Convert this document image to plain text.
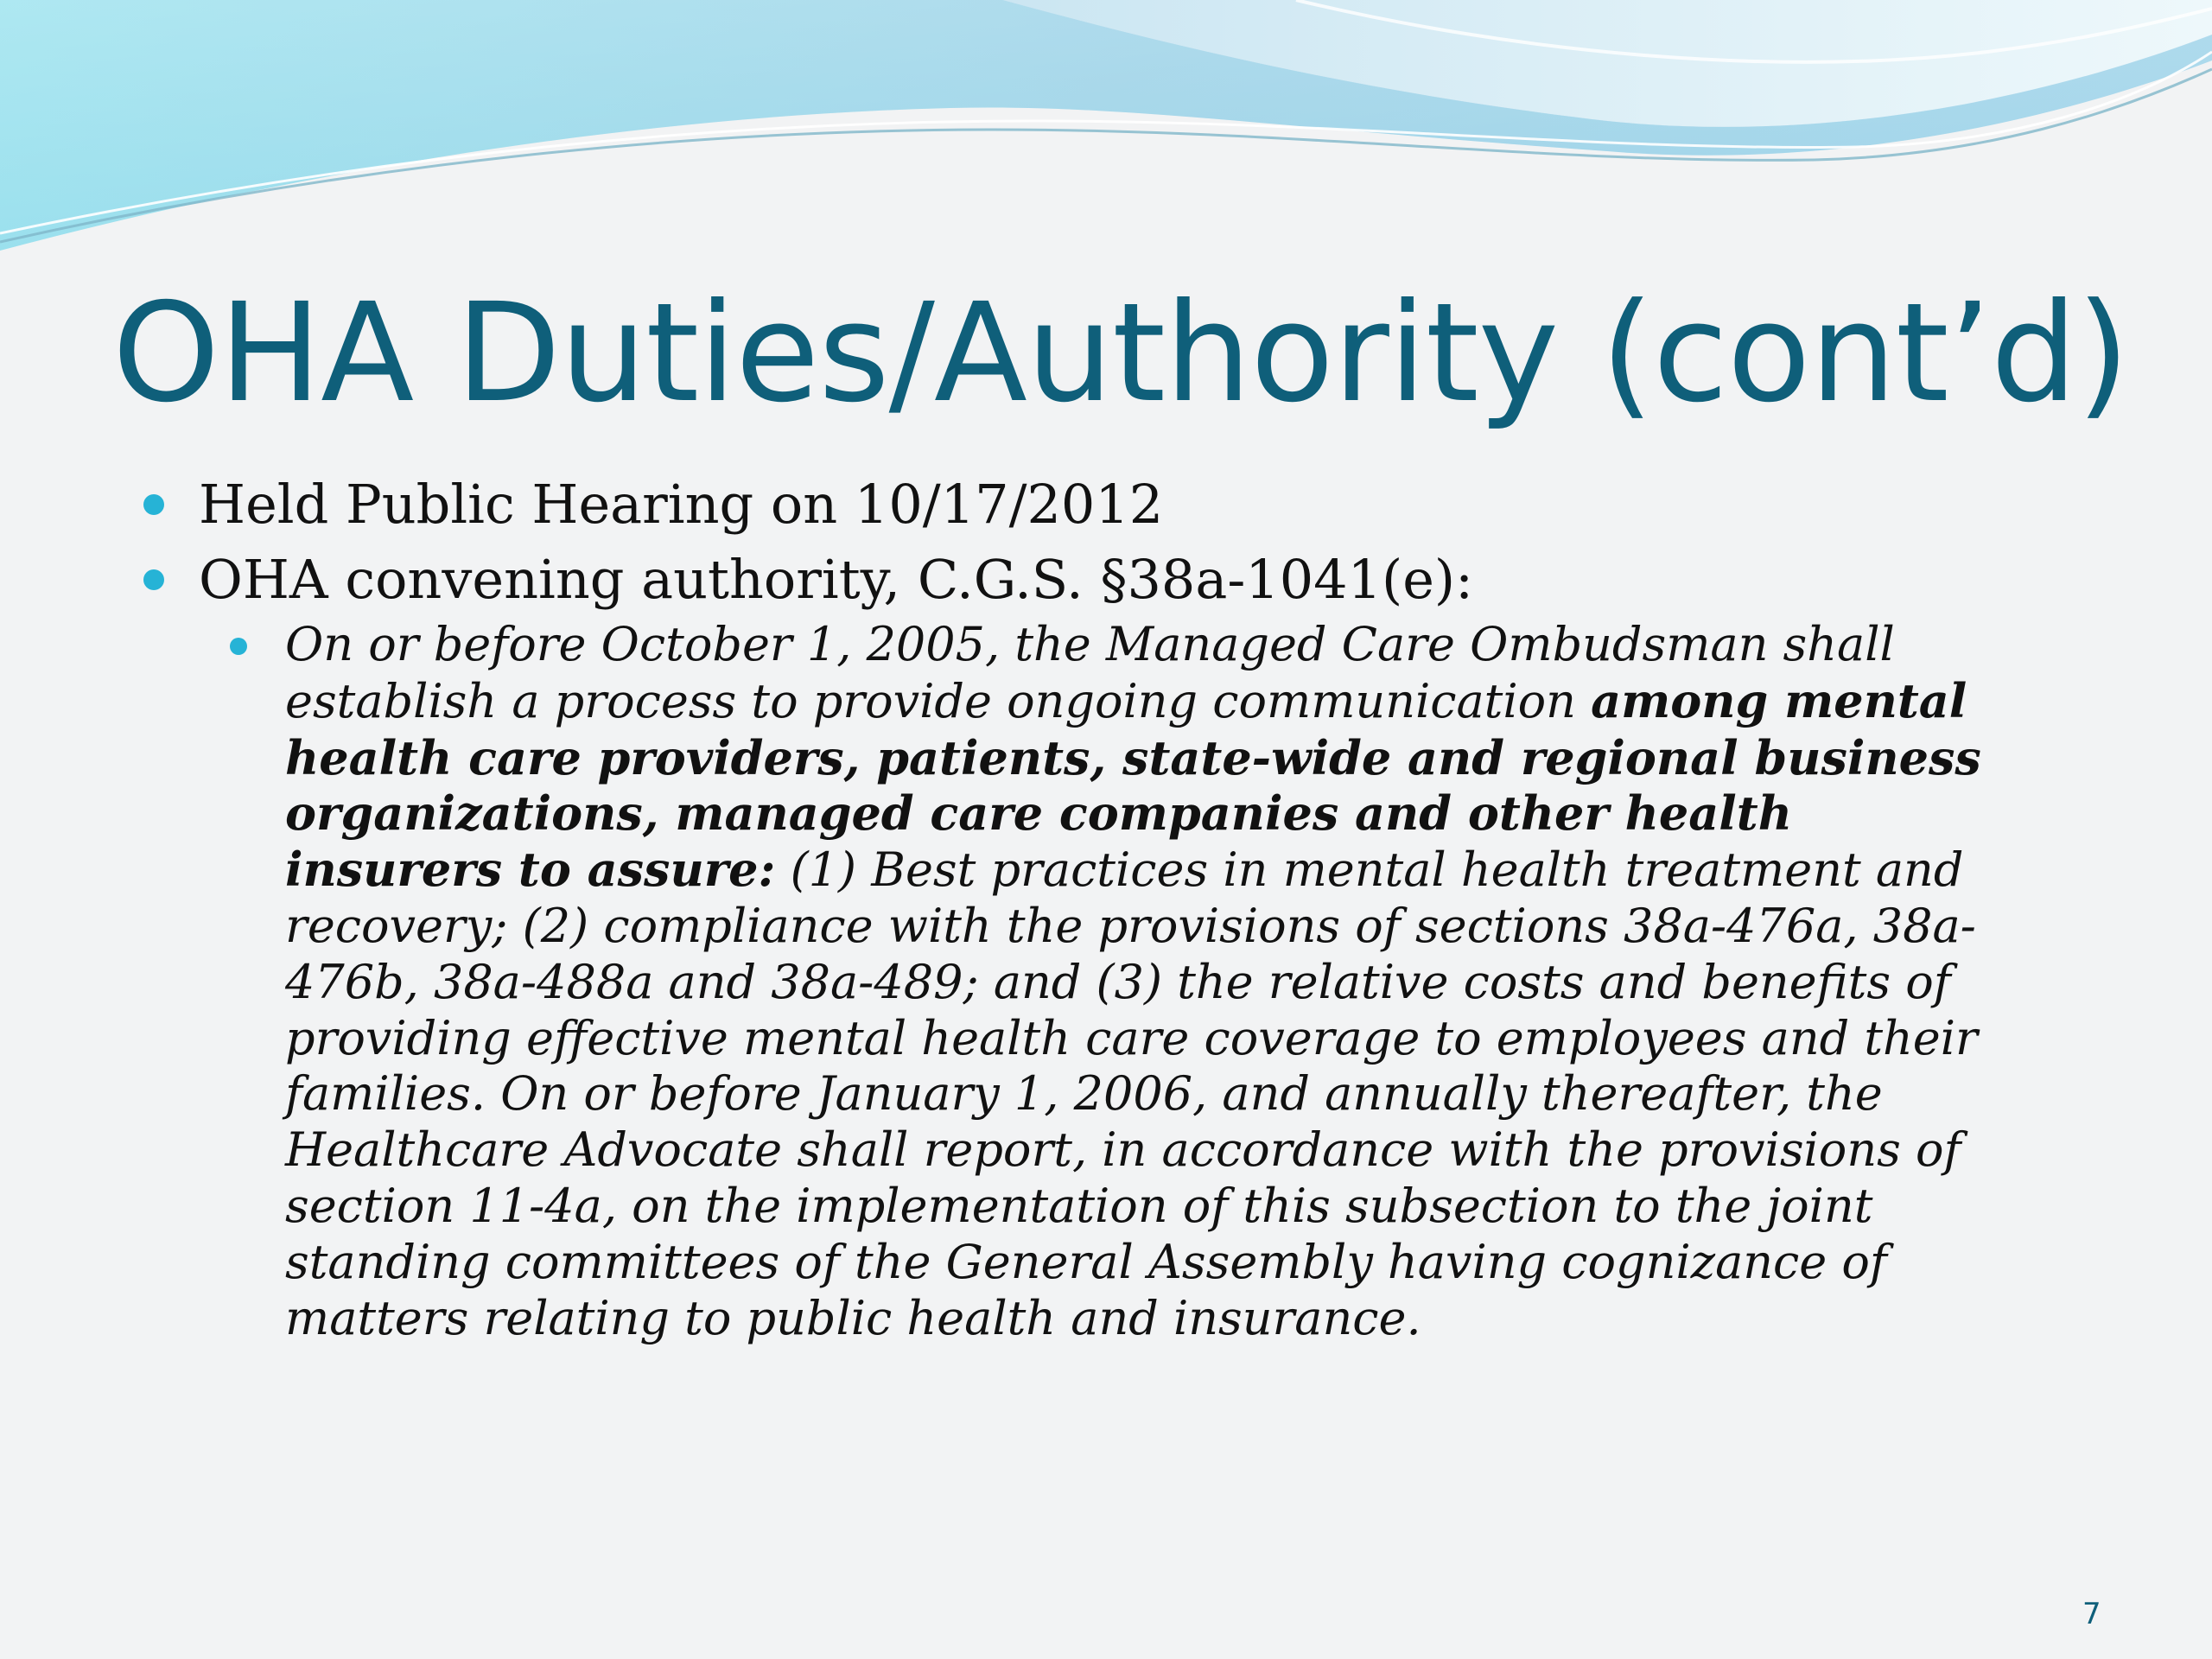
OHA Duties/Authority (cont’d)
Held Public Hearing on 10/17/2012
OHA convening authority, C.G.S. §38a-1041(e):
On or before October 1, 2005, the Managed Care Ombudsman shall
establish a process to provide ongoing communication among mental
health care providers, patients, state-wide and regional business
organizations, managed care companies and other health
insurers to assure: (1) Best practices in mental health treatment and
recovery; (2) compliance with the provisions of sections 38a-476a, 38a-
476b, 38a-488a and 38a-489; and (3) the relative costs and benefits of
providing effective mental health care coverage to employees and their
families. On or before January 1, 2006, and annually thereafter, the
Healthcare Advocate shall report, in accordance with the provisions of
section 11-4a, on the implementation of this subsection to the joint
standing committees of the General Assembly having cognizance of
matters relating to public health and insurance.
7
